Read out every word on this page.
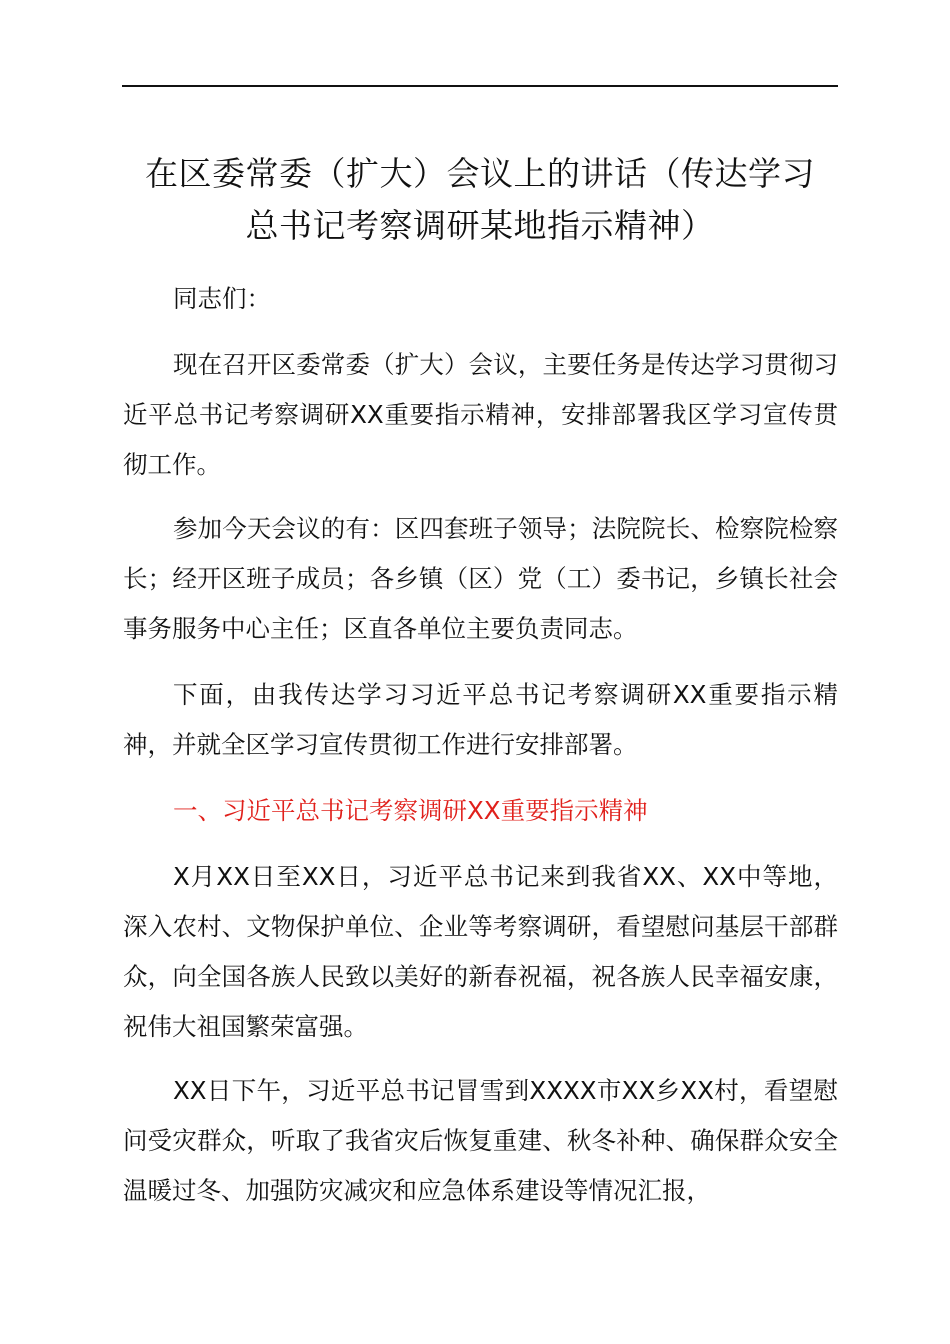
在区委常委（扩大）会议上的讲话（传达学习
总书记考察调研某地指示精神）
同志们：
现在召开区委常委（扩大）会议，主要任务是传达学习贯彻习近平总书记考察调研XX重要指示精神，安排部署我区学习宣传贯彻工作。
参加今天会议的有：区四套班子领导；法院院长、检察院检察长；经开区班子成员；各乡镇（区）党（工）委书记，乡镇长社会事务服务中心主任；区直各单位主要负责同志。
下面，由我传达学习习近平总书记考察调研XX重要指示精神，并就全区学习宣传贯彻工作进行安排部署。
一、习近平总书记考察调研XX重要指示精神
X月XX日至XX日，习近平总书记来到我省XX、XX中等地，深入农村、文物保护单位、企业等考察调研，看望慰问基层干部群众，向全国各族人民致以美好的新春祝福，祝各族人民幸福安康，祝伟大祖国繁荣富强。
XX日下午，习近平总书记冒雪到XXXX市XX乡XX村，看望慰问受灾群众，听取了我省灾后恢复重建、秋冬补种、确保群众安全温暖过冬、加强防灾减灾和应急体系建设等情况汇报，
